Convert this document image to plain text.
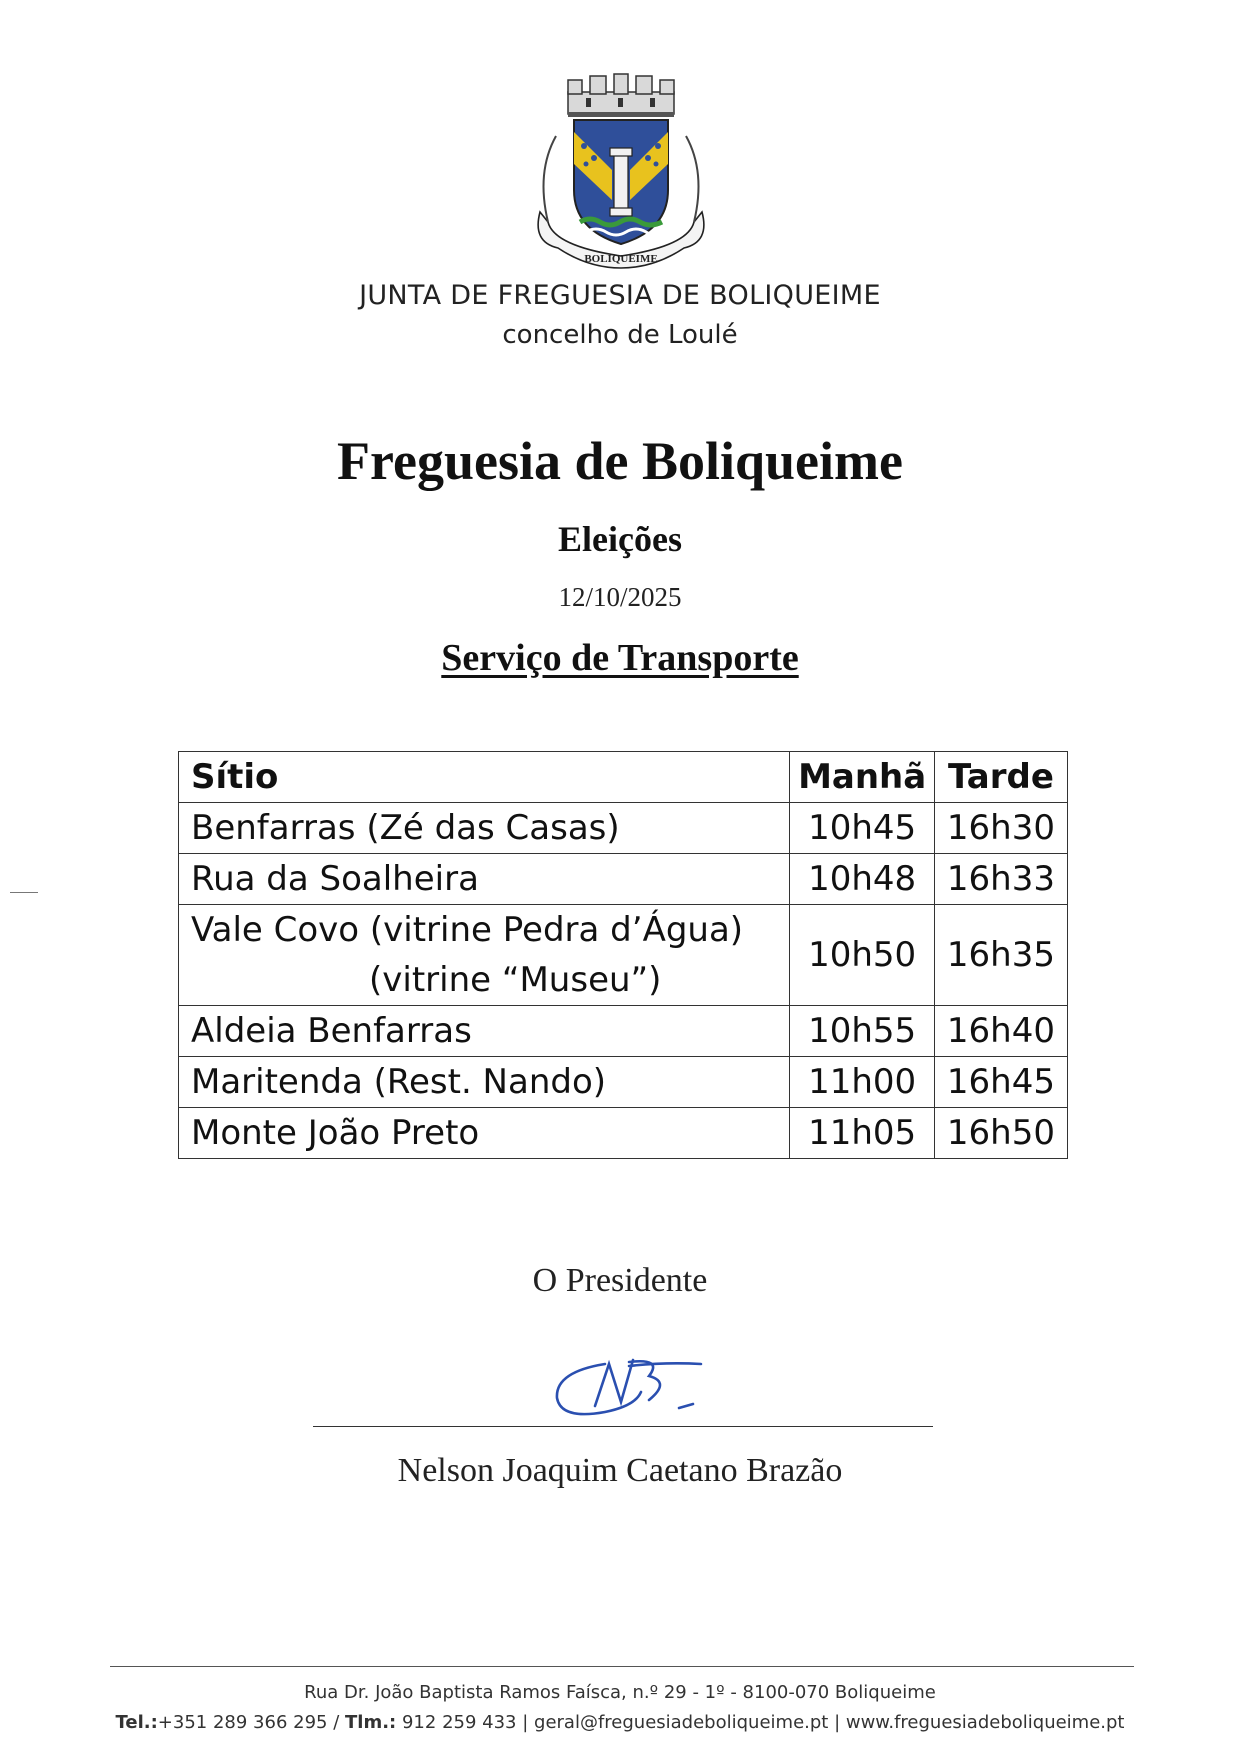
BOLIQUEIME
JUNTA DE FREGUESIA DE BOLIQUEIME
concelho de Loulé
Freguesia de Boliqueime
Eleições
12/10/2025
Serviço de Transporte
Sítio	Manhã	Tarde
Benfarras (Zé das Casas)	10h45	16h30
Rua da Soalheira	10h48	16h33
Vale Covo (vitrine Pedra d’Água)
(vitrine “Museu”)	10h50	16h35
Aldeia Benfarras	10h55	16h40
Maritenda (Rest. Nando)	11h00	16h45
Monte João Preto	11h05	16h50
O Presidente
Nelson Joaquim Caetano Brazão
Rua Dr. João Baptista Ramos Faísca, n.º 29 - 1º - 8100-070 Boliqueime
Tel.:+351 289 366 295 / Tlm.: 912 259 433 | geral@freguesiadeboliqueime.pt | www.freguesiadeboliqueime.pt
